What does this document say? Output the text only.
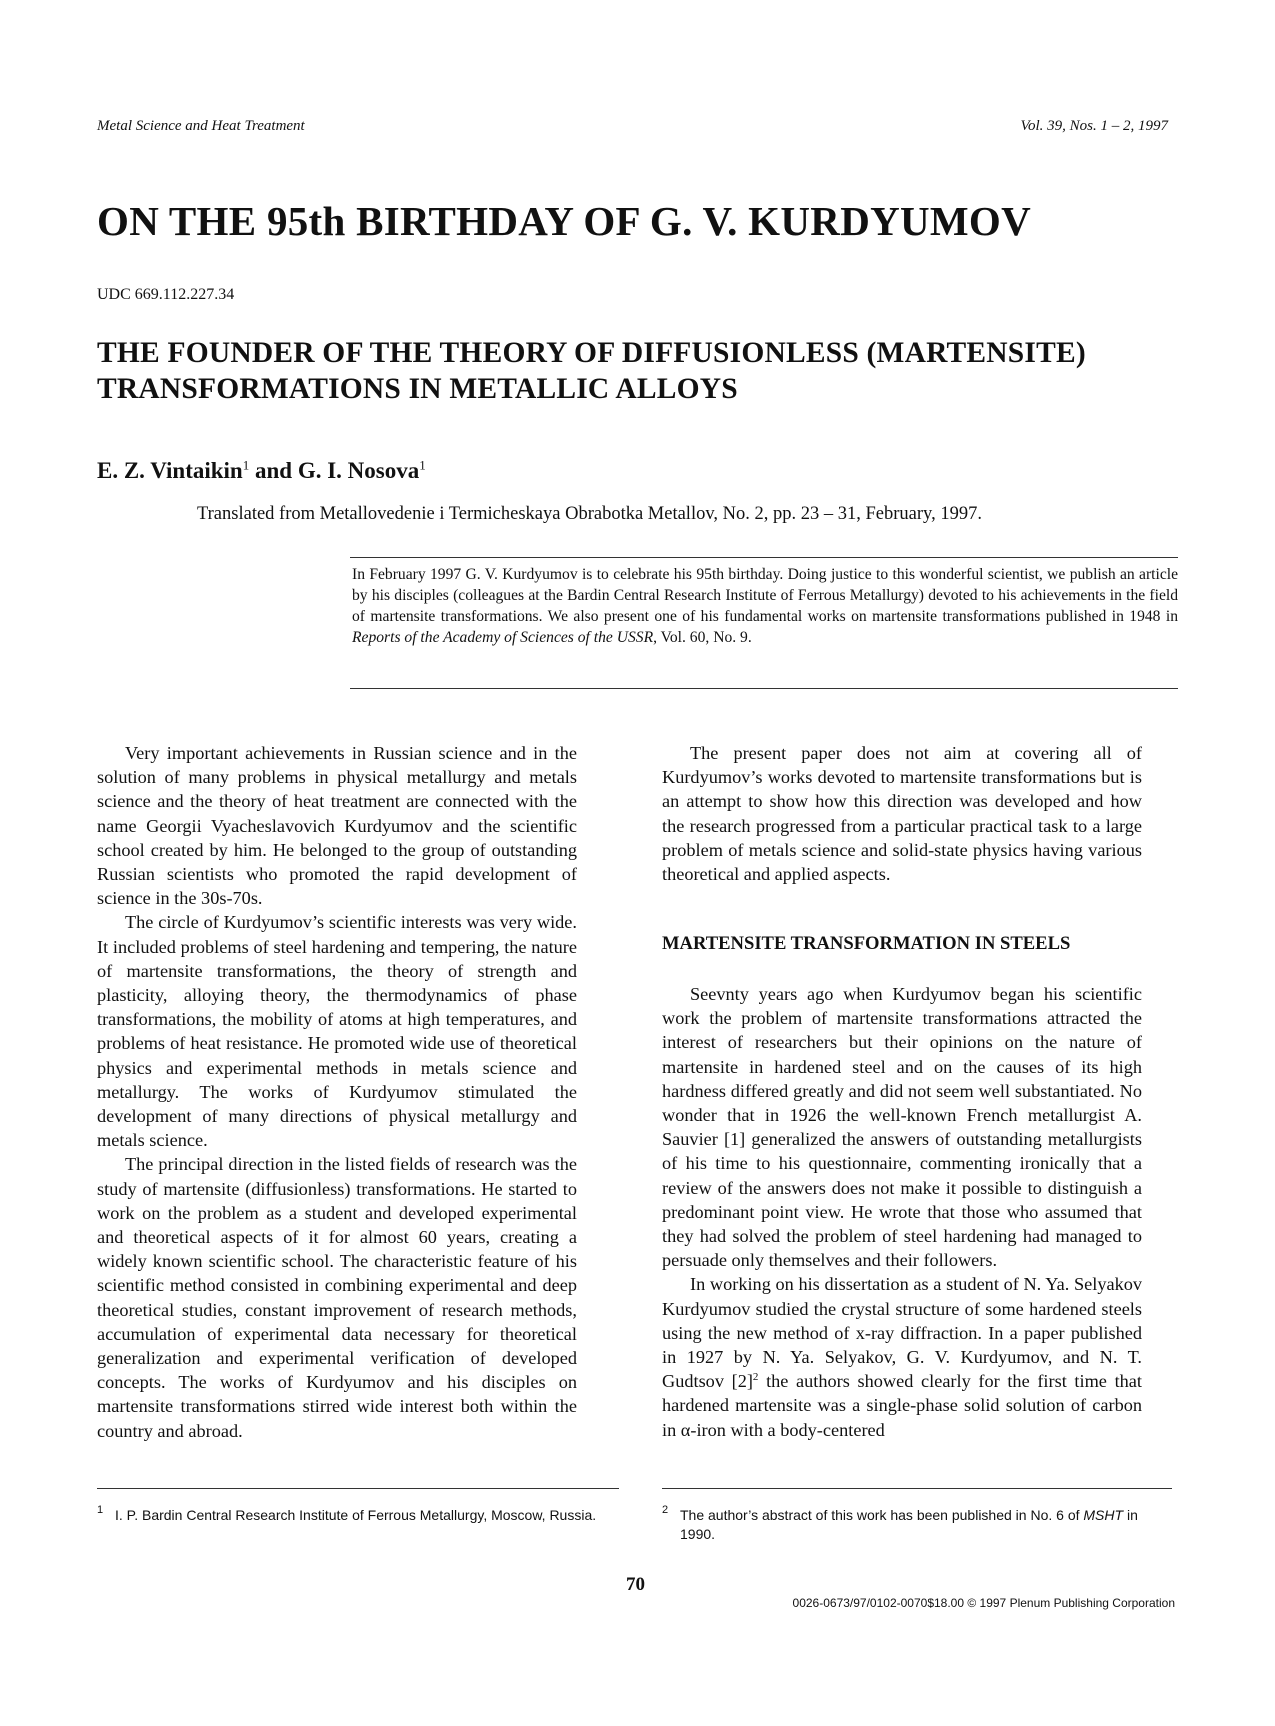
Metal Science and Heat Treatment	Vol. 39, Nos. 1 – 2, 1997
ON THE 95th BIRTHDAY OF G. V. KURDYUMOV
UDC 669.112.227.34
THE FOUNDER OF THE THEORY OF DIFFUSIONLESS (MARTENSITE) TRANSFORMATIONS IN METALLIC ALLOYS
E. Z. Vintaikin$^1$ and G. I. Nosova$^1$
Translated from Metallovedenie i Termicheskaya Obrabotka Metallov, No. 2, pp. 23 – 31, February, 1997.
In February 1997 G. V. Kurdyumov is to celebrate his 95th birthday. Doing justice to this wonderful scientist, we publish an article by his disciples (colleagues at the Bardin Central Research Institute of Ferrous Metallurgy) devoted to his achievements in the field of martensite transformations. We also present one of his fundamental works on martensite transformations published in 1948 in Reports of the Academy of Sciences of the USSR, Vol. 60, No. 9.

Very important achievements in Russian science and in the solution of many problems in physical metallurgy and metals science and the theory of heat treatment are connected with the name Georgii Vyacheslavovich Kurdyumov and the scientific school created by him. He belonged to the group of outstanding Russian scientists who promoted the rapid development of science in the 30s-70s.

The circle of Kurdyumov’s scientific interests was very wide. It included problems of steel hardening and tempering, the nature of martensite transformations, the theory of strength and plasticity, alloying theory, the thermodynamics of phase transformations, the mobility of atoms at high temperatures, and problems of heat resistance. He promoted wide use of theoretical physics and experimental methods in metals science and metallurgy. The works of Kurdyumov stimulated the development of many directions of physical metallurgy and metals science.

The principal direction in the listed fields of research was the study of martensite (diffusionless) transformations. He started to work on the problem as a student and developed experimental and theoretical aspects of it for almost 60 years, creating a widely known scientific school. The characteristic feature of his scientific method consisted in combining experimental and deep theoretical studies, constant improvement of research methods, accumulation of experimental data necessary for theoretical generalization and experimental verification of developed concepts. The works of Kurdyumov and his disciples on martensite transformations stirred wide interest both within the country and abroad.

The present paper does not aim at covering all of Kurdyumov’s works devoted to martensite transformations but is an attempt to show how this direction was developed and how the research progressed from a particular practical task to a large problem of metals science and solid-state physics having various theoretical and applied aspects.

MARTENSITE TRANSFORMATION IN STEELS

Seevnty years ago when Kurdyumov began his scientific work the problem of martensite transformations attracted the interest of researchers but their opinions on the nature of martensite in hardened steel and on the causes of its high hardness differed greatly and did not seem well substantiated. No wonder that in 1926 the well-known French metallurgist A. Sauvier [1] generalized the answers of outstanding metallurgists of his time to his questionnaire, commenting ironically that a review of the answers does not make it possible to distinguish a predominant point view. He wrote that those who assumed that they had solved the problem of steel hardening had managed to persuade only themselves and their followers.

In working on his dissertation as a student of N. Ya. Selyakov Kurdyumov studied the crystal structure of some hardened steels using the new method of x-ray diffraction. In a paper published in 1927 by N. Ya. Selyakov, G. V. Kurdyumov, and N. T. Gudtsov $[2]^2$ the authors showed clearly for the first time that hardened martensite was a single-phase solid solution of carbon in α-iron with a body-centered

1 I. P. Bardin Central Research Institute of Ferrous Metallurgy, Moscow, Russia.	2 The author’s abstract of this work has been published in No. 6 of MSHT in 1990.
70
0026-0673/97/0102-0070$18.00 © 1997 Plenum Publishing Corporation
